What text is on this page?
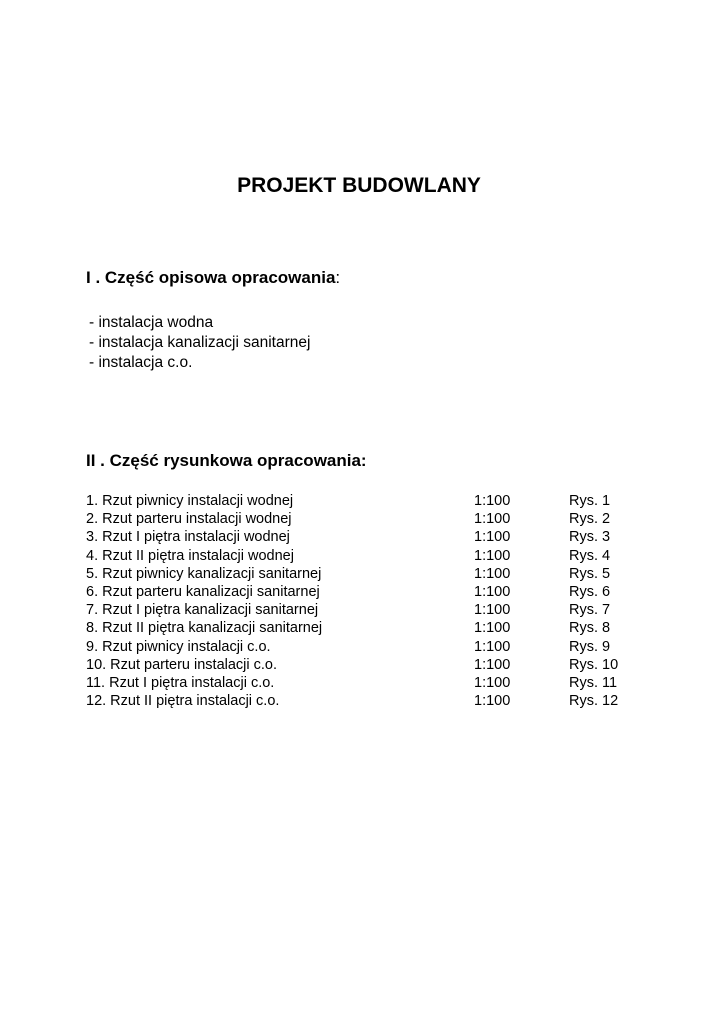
PROJEKT BUDOWLANY
I . Część opisowa opracowania:
- instalacja wodna
- instalacja kanalizacji sanitarnej
- instalacja c.o.
II . Część rysunkowa opracowania:
1. Rzut piwnicy instalacji wodnej	1:100	Rys. 1
2. Rzut parteru instalacji wodnej	1:100	Rys. 2
3. Rzut I piętra instalacji wodnej	1:100	Rys. 3
4. Rzut II piętra instalacji wodnej	1:100	Rys. 4
5. Rzut piwnicy kanalizacji sanitarnej	1:100	Rys. 5
6. Rzut parteru kanalizacji sanitarnej	1:100	Rys. 6
7. Rzut I piętra kanalizacji sanitarnej	1:100	Rys. 7
8. Rzut II piętra kanalizacji sanitarnej	1:100	Rys. 8
9. Rzut piwnicy instalacji c.o.	1:100	Rys. 9
10. Rzut parteru instalacji c.o.	1:100	Rys. 10
11. Rzut I piętra instalacji c.o.	1:100	Rys. 11
12. Rzut II piętra instalacji c.o.	1:100	Rys. 12
